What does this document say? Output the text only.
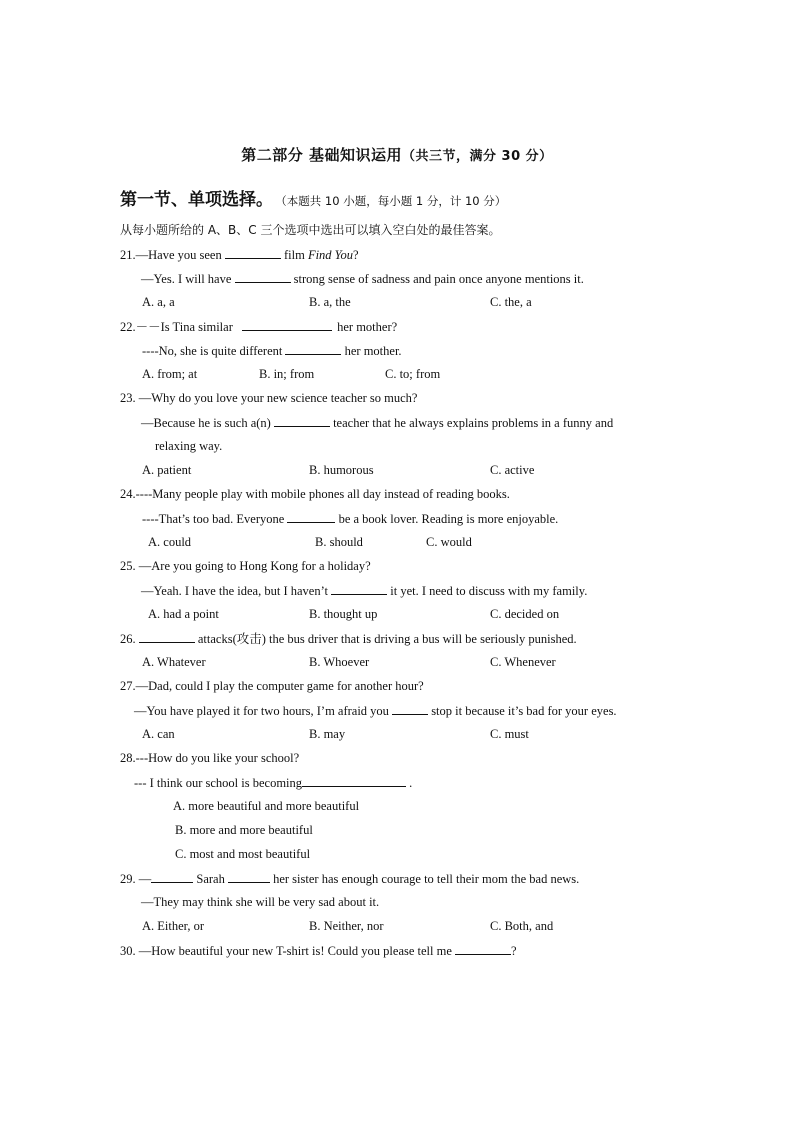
第二部分 基础知识运用（共三节，满分 30 分）
第一节、单项选择。 （本题共 10 小题，每小题 1 分，计 10 分）
从每小题所给的 A、B、C 三个选项中选出可以填入空白处的最佳答案。
21.—Have you seen	film Find You?
—Yes. I will have	strong sense of sadness and pain once anyone mentions it.
A. a, a	B. a, the	C. the, a
22.－－Is Tina similar	her mother?
----No, she is quite different	her mother.
A. from; at	B. in; from	C. to; from
23. —Why do you love your new science teacher so much?
—Because he is such a(n)	teacher that he always explains problems in a funny and
relaxing way.
A. patient	B. humorous	C. active
24.----Many people play with mobile phones all day instead of reading books.
----That’s too bad. Everyone	be a book lover. Reading is more enjoyable.
A. could	B. should	C. would
25. —Are you going to Hong Kong for a holiday?
—Yeah. I have the idea, but I haven’t	it yet. I need to discuss with my family.
A. had a point	B. thought up	C. decided on
26.	attacks(攻击) the bus driver that is driving a bus will be seriously punished.
A. Whatever	B. Whoever	C. Whenever
27.—Dad, could I play the computer game for another hour?
—You have played it for two hours, I’m afraid you	stop it because it’s bad for your eyes.
A. can	B. may	C. must
28.---How do you like your school?
--- I think our school is becoming	.
A. more beautiful and more beautiful
B. more and more beautiful
C. most and most beautiful
29. —	Sarah	her sister has enough courage to tell their mom the bad news.
—They may think she will be very sad about it.
A. Either, or	B. Neither, nor	C. Both, and
30. —How beautiful your new T-shirt is! Could you please tell me	?
